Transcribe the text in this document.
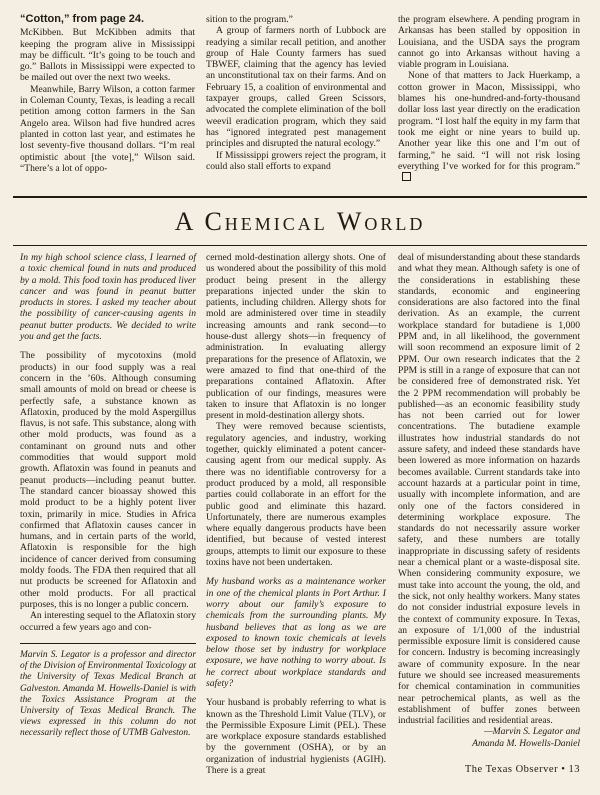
“Cotton,” from page 24.

McKibben. But McKibben admits that keeping the program alive in Mississippi may be difficult. “It’s going to be touch and go.” Ballots in Mississippi were expected to be mailed out over the next two weeks.

Meanwhile, Barry Wilson, a cotton farmer in Coleman County, Texas, is leading a recall petition among cotton farmers in the San Angelo area. Wilson had five hundred acres planted in cotton last year, and estimates he lost seventy-five thousand dollars. “I’m real optimistic about [the vote],” Wilson said. “There’s a lot of oppo-

sition to the program.”

A group of farmers north of Lubbock are readying a similar recall petition, and another group of Hale County farmers has sued TBWEF, claiming that the agency has levied an unconstitutional tax on their farms. And on February 15, a coalition of environmental and taxpayer groups, called Green Scissors, advocated the complete elimination of the boll weevil eradication program, which they said has “ignored integrated pest management principles and disrupted the natural ecology.”

If Mississippi growers reject the program, it could also stall efforts to expand

the program elsewhere. A pending program in Arkansas has been stalled by opposition in Louisiana, and the USDA says the program cannot go into Arkansas without having a viable program in Louisiana.

None of that matters to Jack Huerkamp, a cotton grower in Macon, Mississippi, who blames his one-hundred-and-forty-thousand dollar loss last year directly on the eradication program. “I lost half the equity in my farm that took me eight or nine years to build up. Another year like this one and I’m out of farming,” he said. “I will not risk losing everything I’ve worked for for this program.”

A Chemical World

In my high school science class, I learned of a toxic chemical found in nuts and produced by a mold. This food toxin has produced liver cancer and was found in peanut butter products in stores. I asked my teacher about the possibility of cancer-causing agents in peanut butter products. We decided to write you and get the facts.

The possibility of mycotoxins (mold products) in our food supply was a real concern in the ’60s. Although consuming small amounts of mold on bread or cheese is perfectly safe, a substance known as Aflatoxin, produced by the mold Aspergillus flavus, is not safe. This substance, along with other mold products, was found as a contaminant on ground nuts and other commodities that would support mold growth. Aflatoxin was found in peanuts and peanut products—including peanut butter. The standard cancer bioassay showed this mold product to be a highly potent liver toxin, primarily in mice. Studies in Africa confirmed that Aflatoxin causes cancer in humans, and in certain parts of the world, Aflatoxin is responsible for the high incidence of cancer derived from consuming moldy foods. The FDA then required that all nut products be screened for Aflatoxin and other mold products. For all practical purposes, this is no longer a public concern.

An interesting sequel to the Aflatoxin story occurred a few years ago and con-

Marvin S. Legator is a professor and director of the Division of Environmental Toxicology at the University of Texas Medical Branch at Galveston. Amanda M. Howells-Daniel is with the Toxics Assistance Program at the University of Texas Medical Branch. The views expressed in this column do not necessarily reflect those of UTMB Galveston.

cerned mold-destination allergy shots. One of us wondered about the possibility of this mold product being present in the allergy preparations injected under the skin to patients, including children. Allergy shots for mold are administered over time in steadily increasing amounts and rank second—to house-dust allergy shots—in frequency of administration. In evaluating allergy preparations for the presence of Aflatoxin, we were amazed to find that one-third of the preparations contained Aflatoxin. After publication of our findings, measures were taken to insure that Aflatoxin is no longer present in mold-destination allergy shots.

They were removed because scientists, regulatory agencies, and industry, working together, quickly eliminated a potent cancer-causing agent from our medical supply. As there was no identifiable controversy for a product produced by a mold, all responsible parties could collaborate in an effort for the public good and eliminate this hazard. Unfortunately, there are numerous examples where equally dangerous products have been identified, but because of vested interest groups, attempts to limit our exposure to these toxins have not been undertaken.

My husband works as a maintenance worker in one of the chemical plants in Port Arthur. I worry about our family’s exposure to chemicals from the surrounding plants. My husband believes that as long as we are exposed to known toxic chemicals at levels below those set by industry for workplace exposure, we have nothing to worry about. Is he correct about workplace standards and safety?

Your husband is probably referring to what is known as the Threshold Limit Value (TLV), or the Permissible Exposure Limit (PEL). These are workplace exposure standards established by the government (OSHA), or by an organization of industrial hygienists (AGIH). There is a great

deal of misunderstanding about these standards and what they mean. Although safety is one of the considerations in establishing these standards, economic and engineering considerations are also factored into the final derivation. As an example, the current workplace standard for butadiene is 1,000 PPM and, in all likelihood, the government will soon recommend an exposure limit of 2 PPM. Our own research indicates that the 2 PPM is still in a range of exposure that can not be considered free of demonstrated risk. Yet the 2 PPM recommendation will probably be published—as an economic feasibility study has not been carried out for lower concentrations. The butadiene example illustrates how industrial standards do not assure safety, and indeed these standards have been lowered as more information on hazards becomes available. Current standards take into account hazards at a particular point in time, usually with incomplete information, and are only one of the factors considered in determining workplace exposure. The standards do not necessarily assure worker safety, and these numbers are totally inappropriate in discussing safety of residents near a chemical plant or a waste-disposal site. When considering community exposure, we must take into account the young, the old, and the sick, not only healthy workers. Many states do not consider industrial exposure levels in the context of community exposure. In Texas, an exposure of 1/1,000 of the industrial permissible exposure limit is considered cause for concern. Industry is becoming increasingly aware of community exposure. In the near future we should see increased measurements for chemical contamination in communities near petrochemical plants, as well as the establishment of buffer zones between industrial facilities and residential areas.

—Marvin S. Legator and

Amanda M. Howells-Daniel

The Texas Observer • 13
